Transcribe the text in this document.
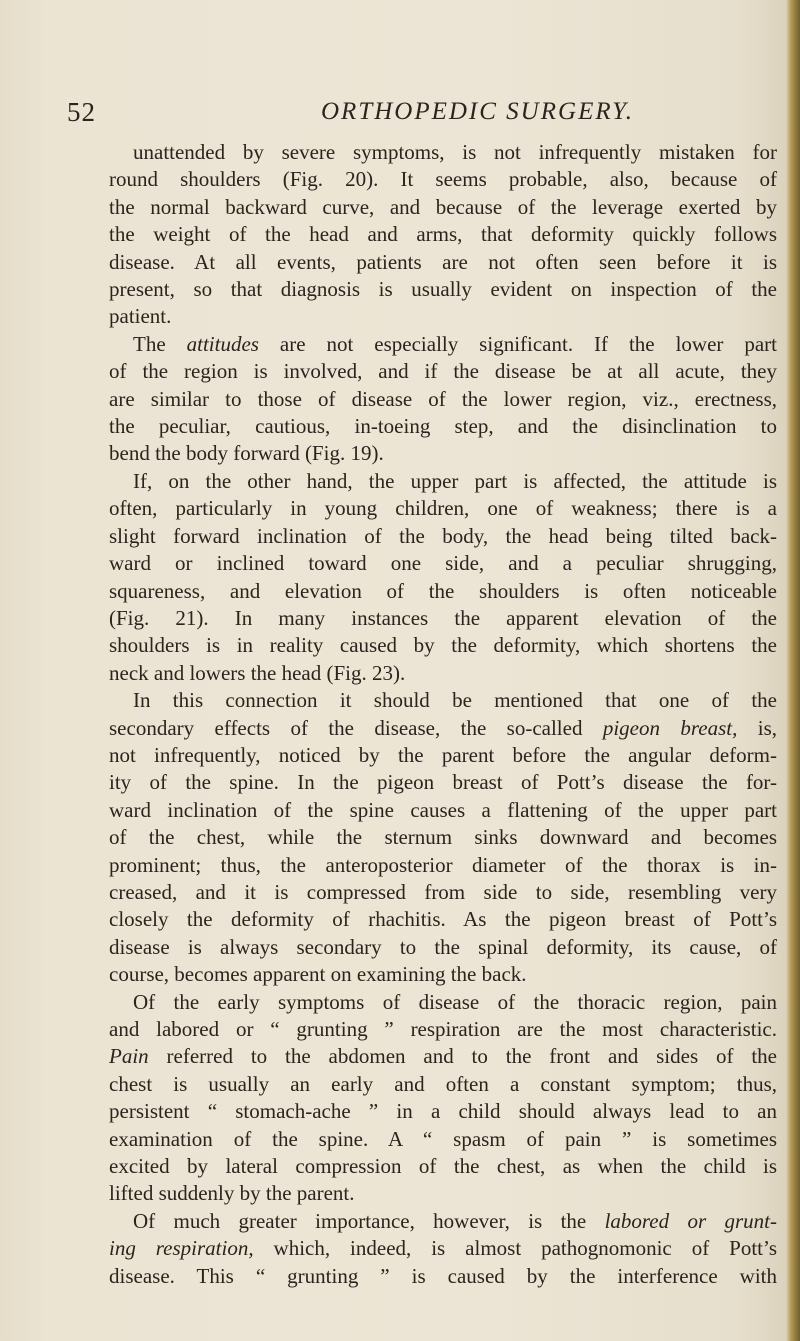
52	ORTHOPEDIC SURGERY.
unattended by severe symptoms, is not infrequently mistaken for
round shoulders (Fig. 20). It seems probable, also, because of
the normal backward curve, and because of the leverage exerted by
the weight of the head and arms, that deformity quickly follows
disease. At all events, patients are not often seen before it is
present, so that diagnosis is usually evident on inspection of the
patient.
The attitudes are not especially significant. If the lower part
of the region is involved, and if the disease be at all acute, they
are similar to those of disease of the lower region, viz., erectness,
the peculiar, cautious, in-toeing step, and the disinclination to
bend the body forward (Fig. 19).
If, on the other hand, the upper part is affected, the attitude is
often, particularly in young children, one of weakness; there is a
slight forward inclination of the body, the head being tilted back-
ward or inclined toward one side, and a peculiar shrugging,
squareness, and elevation of the shoulders is often noticeable
(Fig. 21). In many instances the apparent elevation of the
shoulders is in reality caused by the deformity, which shortens the
neck and lowers the head (Fig. 23).
In this connection it should be mentioned that one of the
secondary effects of the disease, the so-called pigeon breast, is,
not infrequently, noticed by the parent before the angular deform-
ity of the spine. In the pigeon breast of Pott’s disease the for-
ward inclination of the spine causes a flattening of the upper part
of the chest, while the sternum sinks downward and becomes
prominent; thus, the anteroposterior diameter of the thorax is in-
creased, and it is compressed from side to side, resembling very
closely the deformity of rhachitis. As the pigeon breast of Pott’s
disease is always secondary to the spinal deformity, its cause, of
course, becomes apparent on examining the back.
Of the early symptoms of disease of the thoracic region, pain
and labored or “ grunting ” respiration are the most characteristic.
Pain referred to the abdomen and to the front and sides of the
chest is usually an early and often a constant symptom; thus,
persistent “ stomach-ache ” in a child should always lead to an
examination of the spine. A “ spasm of pain ” is sometimes
excited by lateral compression of the chest, as when the child is
lifted suddenly by the parent.
Of much greater importance, however, is the labored or grunt-
ing respiration, which, indeed, is almost pathognomonic of Pott’s
disease. This “ grunting ” is caused by the interference with
